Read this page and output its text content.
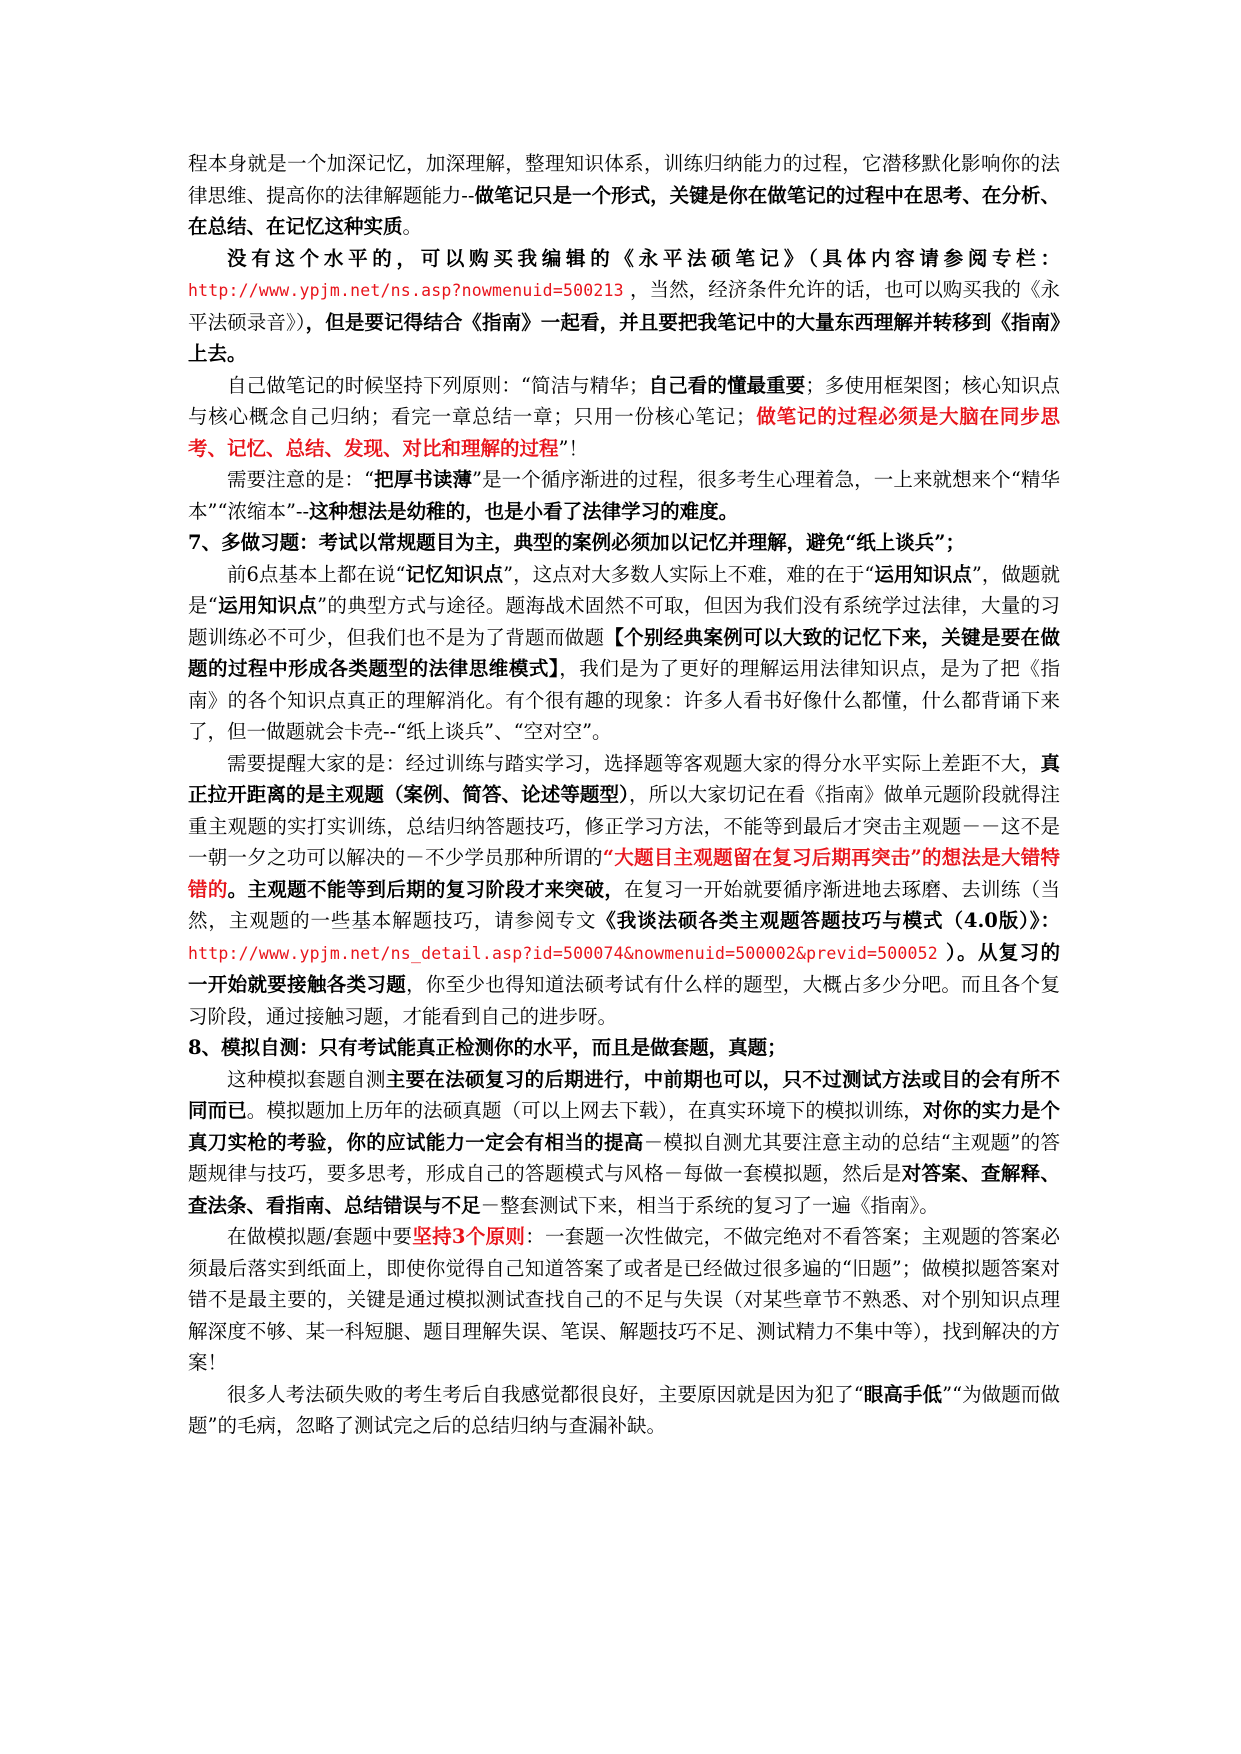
程本身就是一个加深记忆，加深理解，整理知识体系，训练归纳能力的过程，它潜移默化影响你的法律思维、提高你的法律解题能力--做笔记只是一个形式，关键是你在做笔记的过程中在思考、在分析、在总结、在记忆这种实质。

没有这个水平的，可以购买我编辑的《永平法硕笔记》（具体内容请参阅专栏：http://www.ypjm.net/ns.asp?nowmenuid=500213 ，当然，经济条件允许的话，也可以购买我的《永平法硕录音》），但是要记得结合《指南》一起看，并且要把我笔记中的大量东西理解并转移到《指南》上去。

自己做笔记的时候坚持下列原则：“简洁与精华；自己看的懂最重要；多使用框架图；核心知识点与核心概念自己归纳；看完一章总结一章；只用一份核心笔记；做笔记的过程必须是大脑在同步思考、记忆、总结、发现、对比和理解的过程”！

需要注意的是：“把厚书读薄”是一个循序渐进的过程，很多考生心理着急，一上来就想来个“精华本”“浓缩本”--这种想法是幼稚的，也是小看了法律学习的难度。

7、多做习题：考试以常规题目为主，典型的案例必须加以记忆并理解，避免“纸上谈兵”；

前6点基本上都在说“记忆知识点”，这点对大多数人实际上不难，难的在于“运用知识点”，做题就是“运用知识点”的典型方式与途径。题海战术固然不可取，但因为我们没有系统学过法律，大量的习题训练必不可少，但我们也不是为了背题而做题【个别经典案例可以大致的记忆下来，关键是要在做题的过程中形成各类题型的法律思维模式】，我们是为了更好的理解运用法律知识点，是为了把《指南》的各个知识点真正的理解消化。有个很有趣的现象：许多人看书好像什么都懂，什么都背诵下来了，但一做题就会卡壳--“纸上谈兵”、“空对空”。

需要提醒大家的是：经过训练与踏实学习，选择题等客观题大家的得分水平实际上差距不大，真正拉开距离的是主观题（案例、简答、论述等题型），所以大家切记在看《指南》做单元题阶段就得注重主观题的实打实训练，总结归纳答题技巧，修正学习方法，不能等到最后才突击主观题－－这不是一朝一夕之功可以解决的－不少学员那种所谓的“大题目主观题留在复习后期再突击”的想法是大错特错的。主观题不能等到后期的复习阶段才来突破，在复习一开始就要循序渐进地去琢磨、去训练（当然，主观题的一些基本解题技巧，请参阅专文《我谈法硕各类主观题答题技巧与模式（4.0版）》：http://www.ypjm.net/ns_detail.asp?id=500074&nowmenuid=500002&previd=500052 ）。从复习的一开始就要接触各类习题，你至少也得知道法硕考试有什么样的题型，大概占多少分吧。而且各个复习阶段，通过接触习题，才能看到自己的进步呀。

8、模拟自测：只有考试能真正检测你的水平，而且是做套题，真题；

这种模拟套题自测主要在法硕复习的后期进行，中前期也可以，只不过测试方法或目的会有所不同而已。模拟题加上历年的法硕真题（可以上网去下载），在真实环境下的模拟训练，对你的实力是个真刀实枪的考验，你的应试能力一定会有相当的提高－模拟自测尤其要注意主动的总结“主观题”的答题规律与技巧，要多思考，形成自己的答题模式与风格－每做一套模拟题，然后是对答案、查解释、查法条、看指南、总结错误与不足－整套测试下来，相当于系统的复习了一遍《指南》。

在做模拟题/套题中要坚持3个原则：一套题一次性做完，不做完绝对不看答案；主观题的答案必须最后落实到纸面上，即使你觉得自己知道答案了或者是已经做过很多遍的“旧题”；做模拟题答案对错不是最主要的，关键是通过模拟测试查找自己的不足与失误（对某些章节不熟悉、对个别知识点理解深度不够、某一科短腿、题目理解失误、笔误、解题技巧不足、测试精力不集中等），找到解决的方案！

很多人考法硕失败的考生考后自我感觉都很良好，主要原因就是因为犯了“眼高手低”“为做题而做题”的毛病，忽略了测试完之后的总结归纳与查漏补缺。
